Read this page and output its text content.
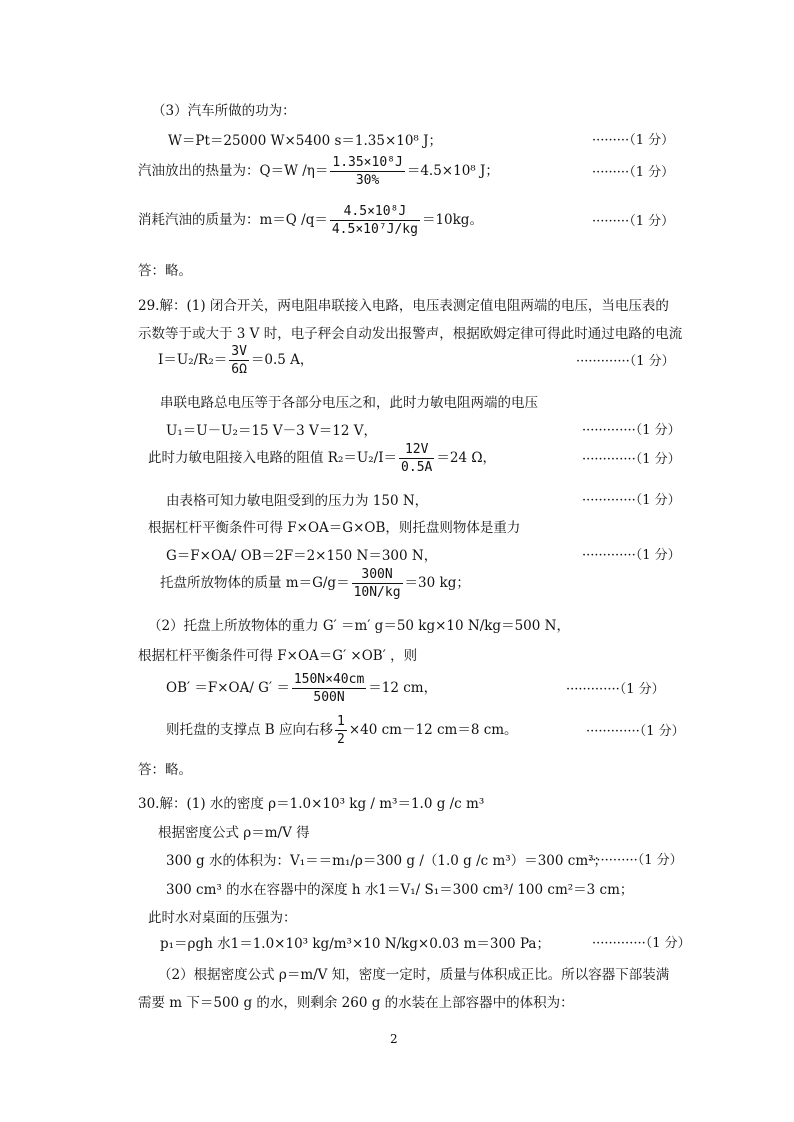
（3）汽车所做的功为：
W＝Pt＝25000 W×5400 s＝1.35×10⁸ J；	·········（1 分）
汽油放出的热量为：Q＝W $/\eta= \frac{\text{1.35×10⁸J}}{30\%} =4.5\times 10^8$ J；	·········（1 分）
消耗汽油的质量为：m＝Q $/q= \frac{\text{4.5×10⁸J}}{\text{4.5×10⁷J/kg}} =10kg$。	·········（1 分）
答：略。
29.解：(1) 闭合开关，两电阻串联接入电路，电压表测定值电阻两端的电压，当电压表的
示数等于或大于 3 V 时，电子秤会自动发出报警声，根据欧姆定律可得此时通过电路的电流
$I=U_2/R_2= \frac{3V}{6\Omega} =0.5$ A，	·············（1 分）
串联电路总电压等于各部分电压之和，此时力敏电阻两端的电压
U₁＝U－U₂＝15 V－3 V＝12 V，	·············（1 分）
此时力敏电阻接入电路的阻值 $R_2=U_2/I= \frac{12V}{0.5A} =24$ Ω，	·············（1 分）
由表格可知力敏电阻受到的压力为 150 N，	·············（1 分）
根据杠杆平衡条件可得 F×OA＝G×OB，则托盘则物体是重力
G＝F×OA/ OB＝2F＝2×150 N＝300 N，	·············（1 分）
托盘所放物体的质量 $m=G/g= \frac{300N}{10N/kg} =30$ kg；
（2）托盘上所放物体的重力 G′ ＝m′ g＝50 kg×10 N/kg＝500 N，
根据杠杆平衡条件可得 F×OA＝G′ ×OB′ ，则
OB′ ＝F×OA/ $G' = \frac{150N\times 40cm}{500N} =12$ cm，	·············（1 分）
则托盘的支撑点 B 应向右移 $\frac{1}{2} \times 40$ cm－12 cm＝8 cm。	·············（1 分）
答：略。
30.解：(1) 水的密度 ρ＝1.0×10³ kg / m³＝1.0 g /c m³
根据密度公式 ρ＝m/V 得
300 g 水的体积为：V₁＝＝m₁/ρ＝300 g /（1.0 g /c m³）＝300 cm³；
·············（1 分）
300 cm³ 的水在容器中的深度 h 水1＝V₁/ S₁＝300 cm³/ 100 cm²＝3 cm；
此时水对桌面的压强为：
p₁＝ρgh 水1＝1.0×10³ kg/m³×10 N/kg×0.03 m＝300 Pa；	·············（1 分）
（2）根据密度公式 ρ＝m/V 知，密度一定时，质量与体积成正比。所以容器下部装满
需要 m 下＝500 g 的水，则剩余 260 g 的水装在上部容器中的体积为：
2
